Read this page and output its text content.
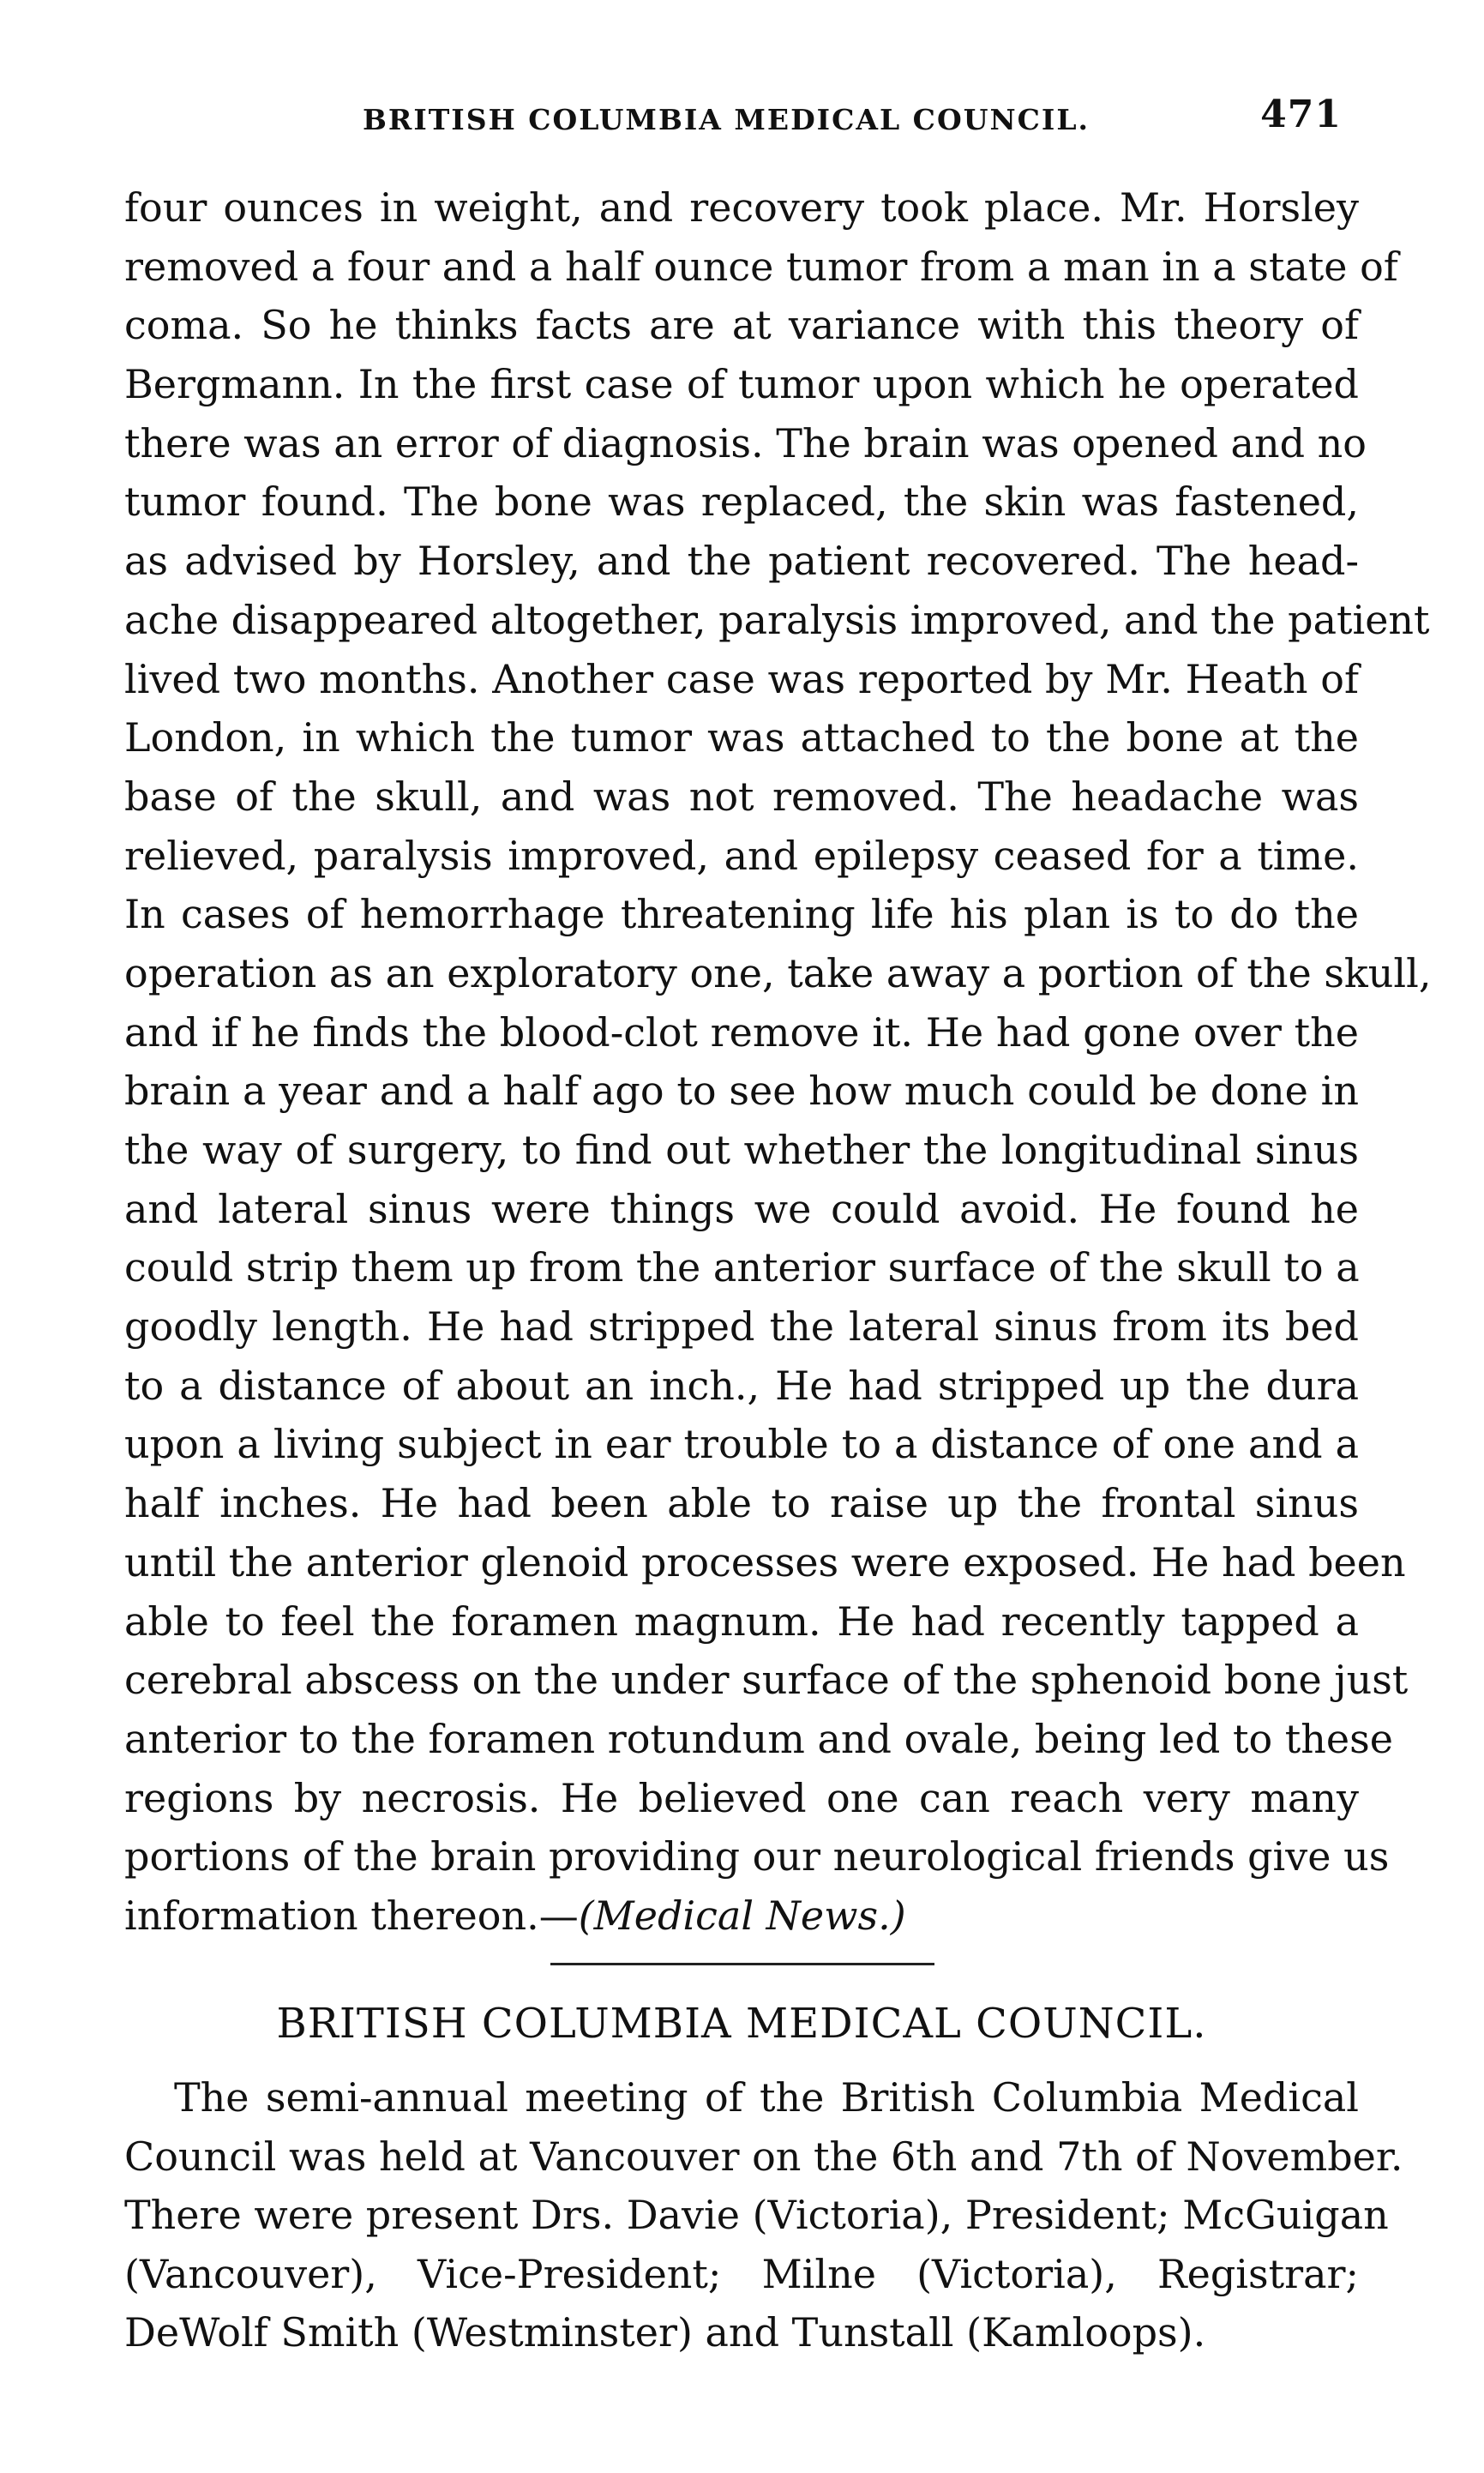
BRITISH COLUMBIA MEDICAL COUNCIL.	471
four ounces in weight, and recovery took place. Mr. Horsley
removed a four and a half ounce tumor from a man in a state of
coma. So he thinks facts are at variance with this theory of
Bergmann. In the first case of tumor upon which he operated
there was an error of diagnosis. The brain was opened and no
tumor found. The bone was replaced, the skin was fastened,
as advised by Horsley, and the patient recovered. The head-
ache disappeared altogether, paralysis improved, and the patient
lived two months. Another case was reported by Mr. Heath of
London, in which the tumor was attached to the bone at the
base of the skull, and was not removed. The headache was
relieved, paralysis improved, and epilepsy ceased for a time.
In cases of hemorrhage threatening life his plan is to do the
operation as an exploratory one, take away a portion of the skull,
and if he finds the blood-clot remove it. He had gone over the
brain a year and a half ago to see how much could be done in
the way of surgery, to find out whether the longitudinal sinus
and lateral sinus were things we could avoid. He found he
could strip them up from the anterior surface of the skull to a
goodly length. He had stripped the lateral sinus from its bed
to a distance of about an inch., He had stripped up the dura
upon a living subject in ear trouble to a distance of one and a
half inches. He had been able to raise up the frontal sinus
until the anterior glenoid processes were exposed. He had been
able to feel the foramen magnum. He had recently tapped a
cerebral abscess on the under surface of the sphenoid bone just
anterior to the foramen rotundum and ovale, being led to these
regions by necrosis. He believed one can reach very many
portions of the brain providing our neurological friends give us
information thereon.—(Medical News.)
BRITISH COLUMBIA MEDICAL COUNCIL.
The semi-annual meeting of the British Columbia Medical
Council was held at Vancouver on the 6th and 7th of November.
There were present Drs. Davie (Victoria), President; McGuigan
(Vancouver), Vice-President; Milne (Victoria), Registrar;
DeWolf Smith (Westminster) and Tunstall (Kamloops).
